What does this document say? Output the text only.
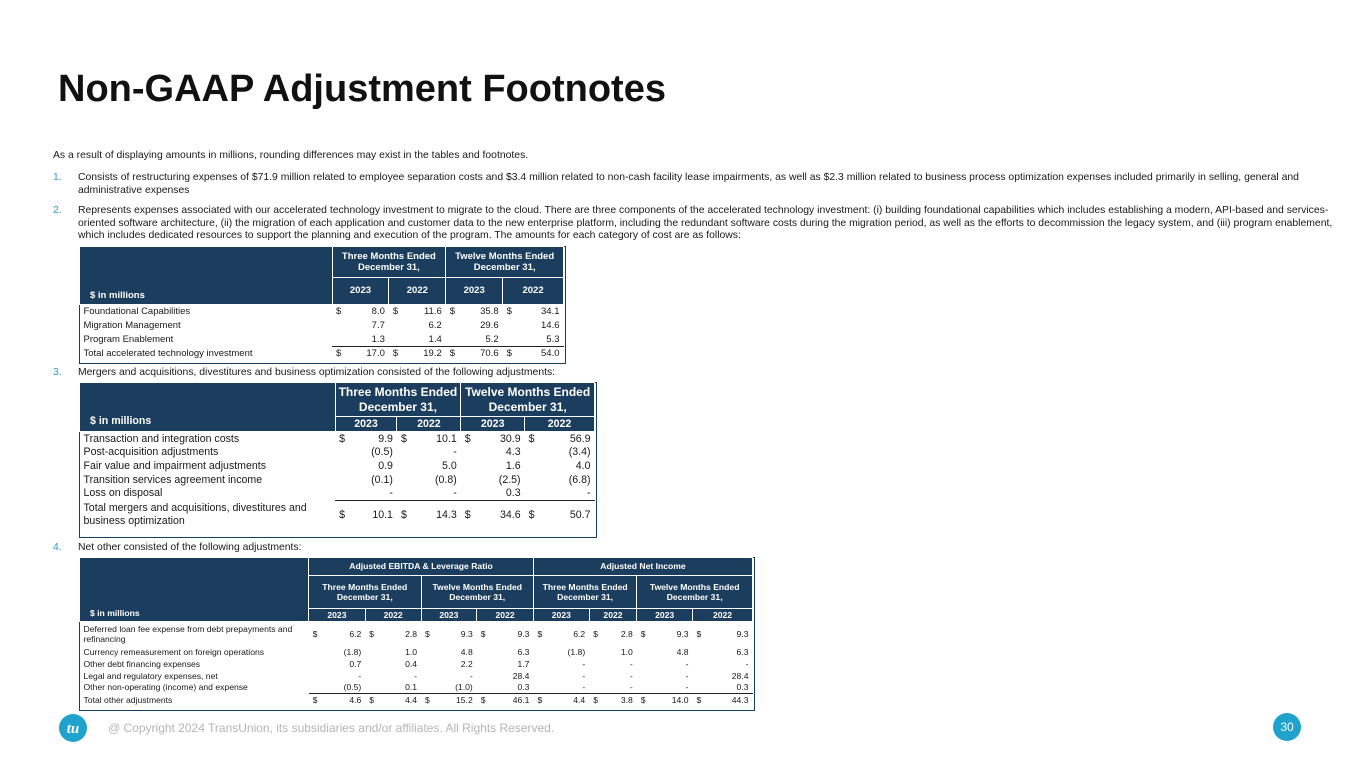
Non-GAAP Adjustment Footnotes
As a result of displaying amounts in millions, rounding differences may exist in the tables and footnotes.
1. Consists of restructuring expenses of $71.9 million related to employee separation costs and $3.4 million related to non-cash facility lease impairments, as well as $2.3 million related to business process optimization expenses included primarily in selling, general and administrative expenses
2. Represents expenses associated with our accelerated technology investment to migrate to the cloud. There are three components of the accelerated technology investment: (i) building foundational capabilities which includes establishing a modern, API-based and services-oriented software architecture, (ii) the migration of each application and customer data to the new enterprise platform, including the redundant software costs during the migration period, as well as the efforts to decommission the legacy system, and (iii) program enablement, which includes dedicated resources to support the planning and execution of the program. The amounts for each category of cost are as follows:
3. Mergers and acquisitions, divestitures and business optimization consisted of the following adjustments:
4. Net other consisted of the following adjustments:
$ in millions	Three Months Ended December 31,				Twelve Months Ended December 31,			
	2023		2022		2023		2022	
Foundational Capabilities	$	8.0	$	11.6	$	35.8	$	34.1
Migration Management		7.7		6.2		29.6		14.6
Program Enablement		1.3		1.4		5.2		5.3
Total accelerated technology investment	$	17.0	$	19.2	$	70.6	$	54.0
$ in millions	Three Months Ended December 31,				Twelve Months Ended December 31,			
	2023		2022		2023		2022	
Transaction and integration costs	$	9.9	$	10.1	$	30.9	$	56.9
Post-acquisition adjustments		(0.5)		-		4.3		(3.4)
Fair value and impairment adjustments		0.9		5.0		1.6		4.0
Transition services agreement income		(0.1)		(0.8)		(2.5)		(6.8)
Loss on disposal		-		-		0.3		-
Total mergers and acquisitions, divestitures and business optimization	$	10.1	$	14.3	$	34.6	$	50.7
$ in millions	Adjusted EBITDA & Leverage Ratio								Adjusted Net Income							
	Three Months Ended December 31,				Twelve Months Ended December 31,				Three Months Ended December 31,				Twelve Months Ended December 31,			
	2023		2022		2023		2022		2023		2022		2023		2022	
Deferred loan fee expense from debt prepayments and refinancing	$	6.2	$	2.8	$	9.3	$	9.3	$	6.2	$	2.8	$	9.3	$	9.3
Currency remeasurement on foreign operations		(1.8)		1.0		4.8		6.3		(1.8)		1.0		4.8		6.3
Other debt financing expenses		0.7		0.4		2.2		1.7		-		-		-		-
Legal and regulatory expenses, net		-		-		-		28.4		-		-		-		28.4
Other non-operating (income) and expense		(0.5)		0.1		(1.0)		0.3		-		-		-		0.3
Total other adjustments	$	4.6	$	4.4	$	15.2	$	46.1	$	4.4	$	3.8	$	14.0	$	44.3
tu @ Copyright 2024 TransUnion, its subsidiaries and/or affiliates. All Rights Reserved.	30
